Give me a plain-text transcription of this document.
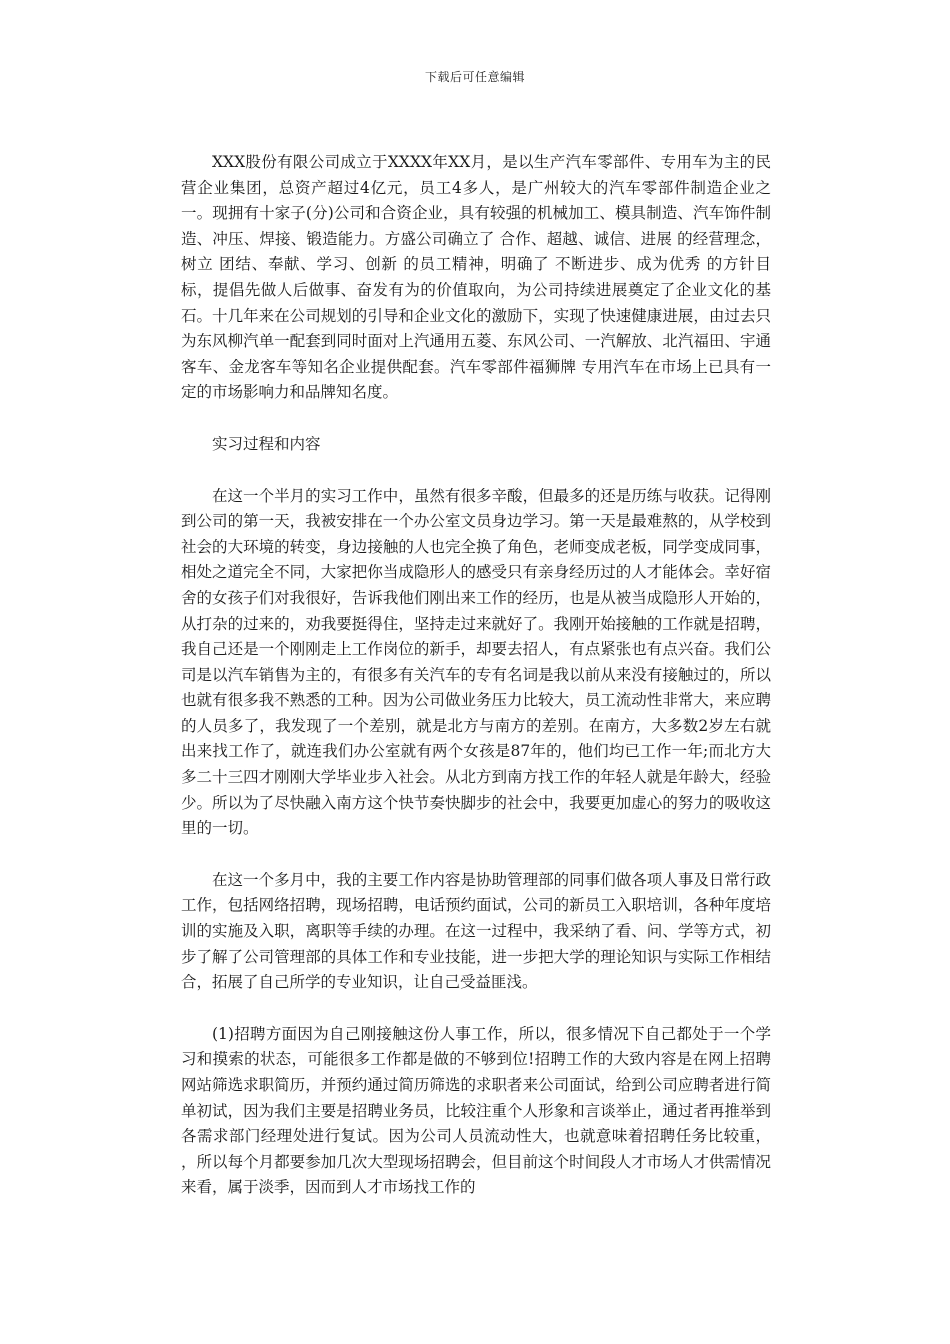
下载后可任意编辑

XXX股份有限公司成立于XXXX年XX月，是以生产汽车零部件、专用车为主的民营企业集团，总资产超过4亿元，员工4多人，是广州较大的汽车零部件制造企业之一。现拥有十家子(分)公司和合资企业，具有较强的机械加工、模具制造、汽车饰件制造、冲压、焊接、锻造能力。方盛公司确立了 合作、超越、诚信、进展 的经营理念，树立 团结、奉献、学习、创新 的员工精神，明确了 不断进步、成为优秀 的方针目标，提倡先做人后做事、奋发有为的价值取向，为公司持续进展奠定了企业文化的基石。十几年来在公司规划的引导和企业文化的激励下，实现了快速健康进展，由过去只为东风柳汽单一配套到同时面对上汽通用五菱、东风公司、一汽解放、北汽福田、宇通客车、金龙客车等知名企业提供配套。汽车零部件福狮牌 专用汽车在市场上已具有一定的市场影响力和品牌知名度。

实习过程和内容

在这一个半月的实习工作中，虽然有很多辛酸，但最多的还是历练与收获。记得刚到公司的第一天，我被安排在一个办公室文员身边学习。第一天是最难熬的，从学校到社会的大环境的转变，身边接触的人也完全换了角色，老师变成老板，同学变成同事，相处之道完全不同，大家把你当成隐形人的感受只有亲身经历过的人才能体会。幸好宿舍的女孩子们对我很好，告诉我他们刚出来工作的经历，也是从被当成隐形人开始的，从打杂的过来的，劝我要挺得住，坚持走过来就好了。我刚开始接触的工作就是招聘，我自己还是一个刚刚走上工作岗位的新手，却要去招人，有点紧张也有点兴奋。我们公司是以汽车销售为主的，有很多有关汽车的专有名词是我以前从来没有接触过的，所以也就有很多我不熟悉的工种。因为公司做业务压力比较大，员工流动性非常大，来应聘的人员多了，我发现了一个差别，就是北方与南方的差别。在南方，大多数2岁左右就出来找工作了，就连我们办公室就有两个女孩是87年的，他们均已工作一年;而北方大多二十三四才刚刚大学毕业步入社会。从北方到南方找工作的年轻人就是年龄大，经验少。所以为了尽快融入南方这个快节奏快脚步的社会中，我要更加虚心的努力的吸收这里的一切。

在这一个多月中，我的主要工作内容是协助管理部的同事们做各项人事及日常行政工作，包括网络招聘，现场招聘，电话预约面试，公司的新员工入职培训，各种年度培训的实施及入职，离职等手续的办理。在这一过程中，我采纳了看、问、学等方式，初步了解了公司管理部的具体工作和专业技能，进一步把大学的理论知识与实际工作相结合，拓展了自己所学的专业知识，让自己受益匪浅。

(1)招聘方面因为自己刚接触这份人事工作，所以，很多情况下自己都处于一个学习和摸索的状态，可能很多工作都是做的不够到位!招聘工作的大致内容是在网上招聘网站筛选求职简历，并预约通过简历筛选的求职者来公司面试，给到公司应聘者进行简单初试，因为我们主要是招聘业务员，比较注重个人形象和言谈举止，通过者再推举到各需求部门经理处进行复试。因为公司人员流动性大，也就意味着招聘任务比较重， ，所以每个月都要参加几次大型现场招聘会，但目前这个时间段人才市场人才供需情况来看，属于淡季，因而到人才市场找工作的
